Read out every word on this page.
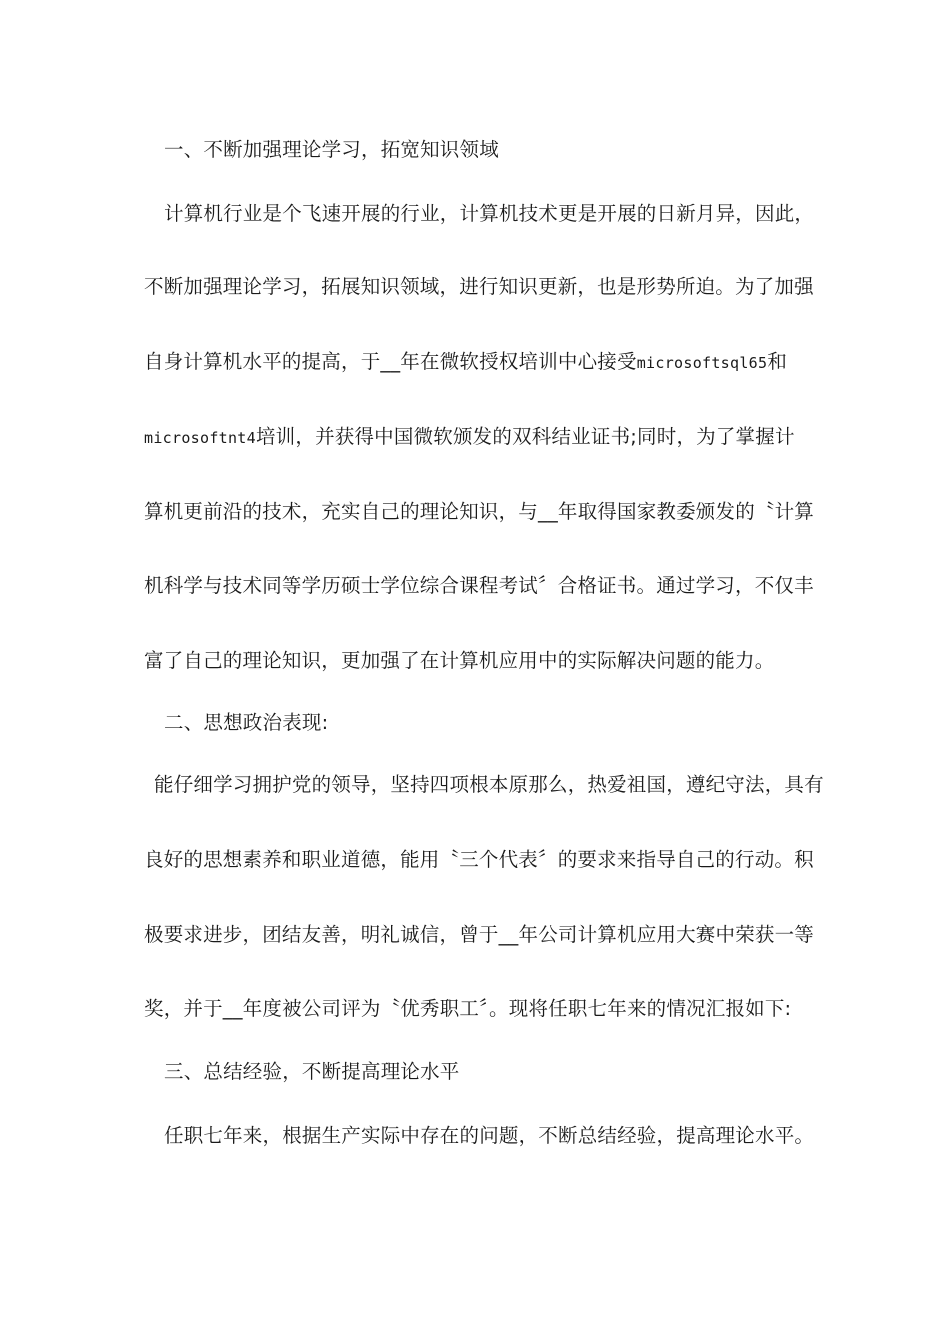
一、不断加强理论学习，拓宽知识领域
计算机行业是个飞速开展的行业，计算机技术更是开展的日新月异，因此，
不断加强理论学习，拓展知识领域，进行知识更新，也是形势所迫。为了加强
自身计算机水平的提高，于__年在微软授权培训中心接受microsoftsql65和
microsoftnt4培训，并获得中国微软颁发的双科结业证书;同时，为了掌握计
算机更前沿的技术，充实自己的理论知识，与__年取得国家教委颁发的〝计算
机科学与技术同等学历硕士学位综合课程考试〞合格证书。通过学习，不仅丰
富了自己的理论知识，更加强了在计算机应用中的实际解决问题的能力。
二、思想政治表现:
能仔细学习拥护党的领导，坚持四项根本原那么，热爱祖国，遵纪守法，具有
良好的思想素养和职业道德，能用〝三个代表〞的要求来指导自己的行动。积
极要求进步，团结友善，明礼诚信，曾于__年公司计算机应用大赛中荣获一等
奖，并于__年度被公司评为〝优秀职工〞。现将任职七年来的情况汇报如下:
三、总结经验，不断提高理论水平
任职七年来，根据生产实际中存在的问题，不断总结经验，提高理论水平。
